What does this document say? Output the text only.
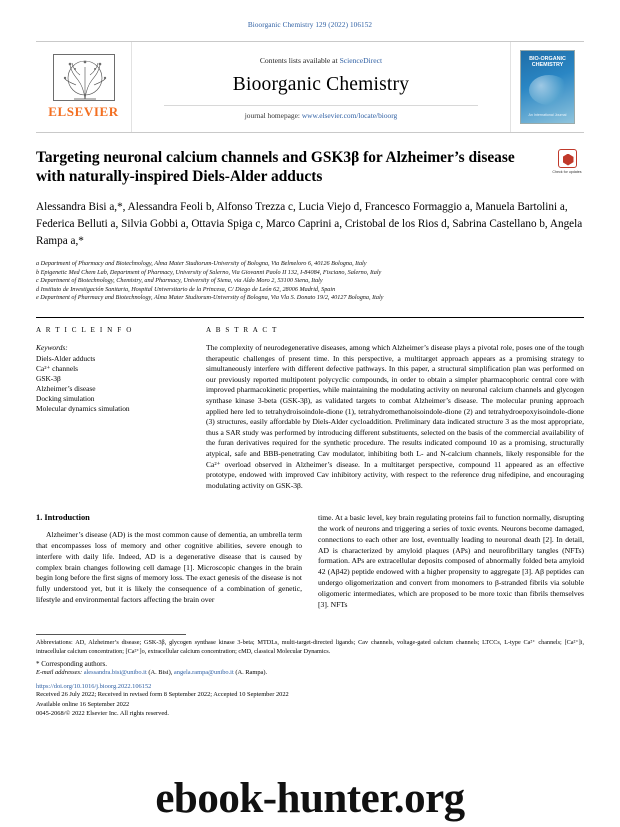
Bioorganic Chemistry 129 (2022) 106152
ELSEVIER
Contents lists available at ScienceDirect
Bioorganic Chemistry
journal homepage: www.elsevier.com/locate/bioorg
BIO-ORGANIC CHEMISTRY
An International Journal
Targeting neuronal calcium channels and GSK3β for Alzheimer’s disease with naturally-inspired Diels-Alder adducts	Check for updates
Alessandra Bisi a,*, Alessandra Feoli b, Alfonso Trezza c, Lucia Viejo d, Francesco Formaggio a, Manuela Bartolini a, Federica Belluti a, Silvia Gobbi a, Ottavia Spiga c, Marco Caprini a, Cristobal de los Rios d, Sabrina Castellano b, Angela Rampa a,*
a Department of Pharmacy and Biotechnology, Alma Mater Studiorum-University of Bologna, Via Belmeloro 6, 40126 Bologna, Italy
b Epigenetic Med Chem Lab, Department of Pharmacy, University of Salerno, Via Giovanni Paolo II 132, I-84084, Fisciano, Salerno, Italy
c Department of Biotechnology, Chemistry, and Pharmacy, University of Siena, via Aldo Moro 2, 53100 Siena, Italy
d Instituto de Investigación Sanitaria, Hospital Universitario de la Princesa, C/ Diego de León 62, 28006 Madrid, Spain
e Department of Pharmacy and Biotechnology, Alma Mater Studiorum-University of Bologna, Via Vla S. Donato 19/2, 40127 Bologna, Italy
A R T I C L E I N F O
Keywords:
Diels-Alder adducts
Ca²⁺ channels
GSK-3β
Alzheimer’s disease
Docking simulation
Molecular dynamics simulation
A B S T R A C T
The complexity of neurodegenerative diseases, among which Alzheimer’s disease plays a pivotal role, poses one of the tough therapeutic challenges of present time. In this perspective, a multitarget approach appears as a promising strategy to simultaneously interfere with different defective pathways. In this paper, a structural simplification plan was performed on our previously reported multipotent polycyclic compounds, in order to obtain a simpler pharmacophoric central core with improved pharmacokinetic properties, while maintaining the modulating activity on neuronal calcium channels and glycogen synthase kinase 3-beta (GSK-3β), as validated targets to combat Alzheimer’s disease. The molecular pruning approach applied here led to tetrahydroisoindole-dione (1), tetrahydromethanoisoindole-dione (2) and tetrahydroepoxyisoindole-dione (3) structures, easily affordable by Diels-Alder cycloaddition. Preliminary data indicated structure 3 as the most appropriate, thus a SAR study was performed by introducing different substituents, selected on the basis of the commercial availability of the furan derivatives required for the synthetic procedure. The results indicated compound 10 as a promising, structurally atypical, safe and BBB-penetrating Cav modulator, inhibiting both L- and N-calcium channels, likely responsible for the Ca²⁺ overload observed in Alzheimer’s disease. In a multitarget perspective, compound 11 appeared as an effective prototype, endowed with improved Cav inhibitory activity, with respect to the reference drug nifedipine, and encouraging modulating activity on GSK-3β.
1. Introduction
Alzheimer’s disease (AD) is the most common cause of dementia, an umbrella term that encompasses loss of memory and other cognitive abilities, severe enough to interfere with daily life. Indeed, AD is a degenerative disease that is caused by complex brain changes following cell damage [1]. Microscopic changes in the brain begin long before the first signs of memory loss. The exact genesis of the disease is not fully understood yet, but it is likely the consequence of a combination of genetic, lifestyle and environmental factors affecting the brain over
time. At a basic level, key brain regulating proteins fail to function normally, disrupting the work of neurons and triggering a series of toxic events. Neurons become damaged, connections to each other are lost, eventually leading to neuronal death [2]. In detail, AD is characterized by amyloid plaques (APs) and neurofibrillary tangles (NFTs) formation. APs are extracellular deposits composed of abnormally folded beta amyloid 42 (Aβ42) peptide endowed with a higher propensity to aggregate [3]. Aβ peptides can undergo oligomerization and convert from monomers to β-stranded fibrils via soluble oligomeric intermediates, which are proposed to be more toxic than fibrils themselves [3]. NFTs
Abbreviations: AD, Alzheimer’s disease; GSK-3β, glycogen synthase kinase 3-beta; MTDLs, multi-target-directed ligands; Cav channels, voltage-gated calcium channels; LTCCs, L-type Ca²⁺ channels; [Ca²⁺]i, intracellular calcium concentration; [Ca²⁺]o, extracellular calcium concentration; cMD, classical Molecular Dynamics.
* Corresponding authors.
E-mail addresses: alessandra.bisi@unibo.it (A. Bisi), angela.rampa@unibo.it (A. Rampa).
https://doi.org/10.1016/j.bioorg.2022.106152
Received 26 July 2022; Received in revised form 8 September 2022; Accepted 10 September 2022
Available online 16 September 2022
0045-2068/© 2022 Elsevier Inc. All rights reserved.
ebook-hunter.org
